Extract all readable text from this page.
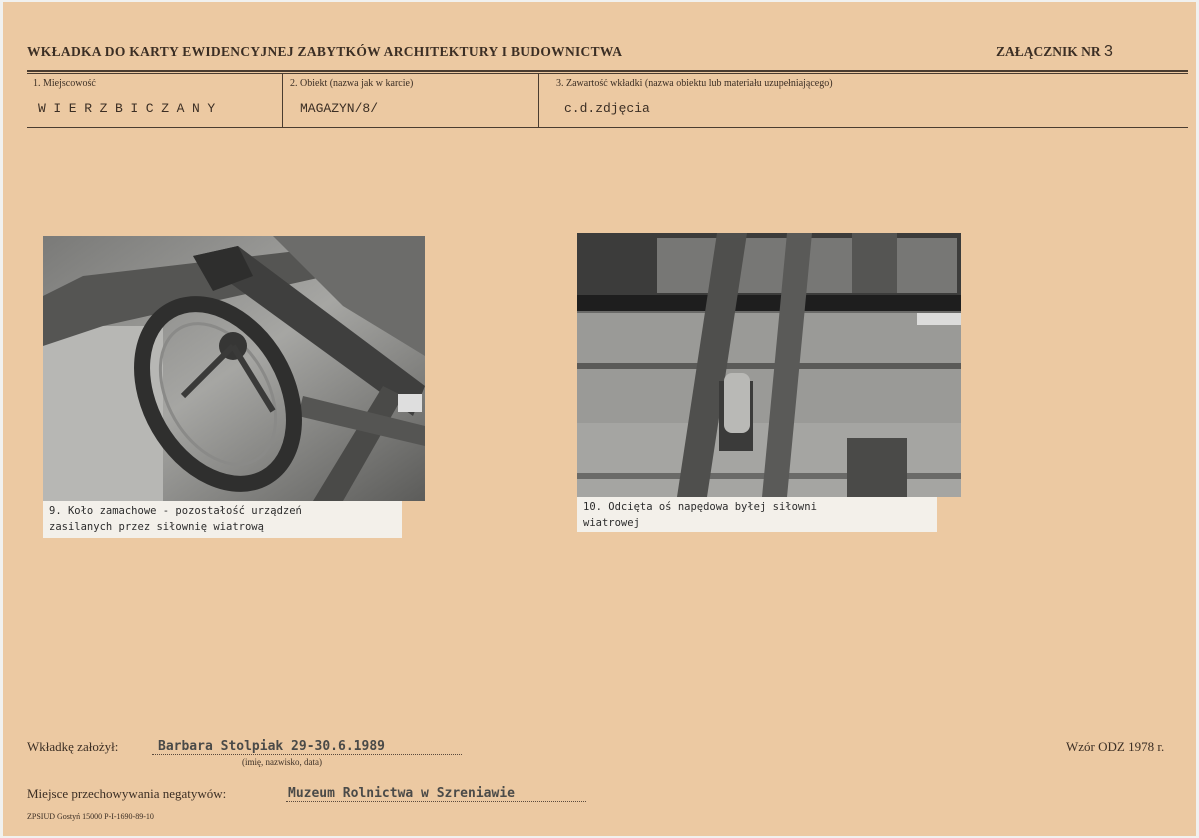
WKŁADKA DO KARTY EWIDENCYJNEJ ZABYTKÓW ARCHITEKTURY I BUDOWNICTWA	ZAŁĄCZNIK NR 3
1. Miejscowość
WIERZBICZANY
2. Obiekt (nazwa jak w karcie)
MAGAZYN/8/
3. Zawartość wkładki (nazwa obiektu lub materiału uzupełniającego)
c.d.zdjęcia
9. Koło zamachowe - pozostałość urządzeń
zasilanych przez siłownię wiatrową
10. Odcięta oś napędowa byłej siłowni
wiatrowej
Wkładkę założył:	Barbara Stolpiak 29-30.6.1989
(imię, nazwisko, data)
Wzór ODZ 1978 r.
Miejsce przechowywania negatywów:	Muzeum Rolnictwa w Szreniawie
ZPSIUD Gostyń 15000 P-I-1690-89-10
